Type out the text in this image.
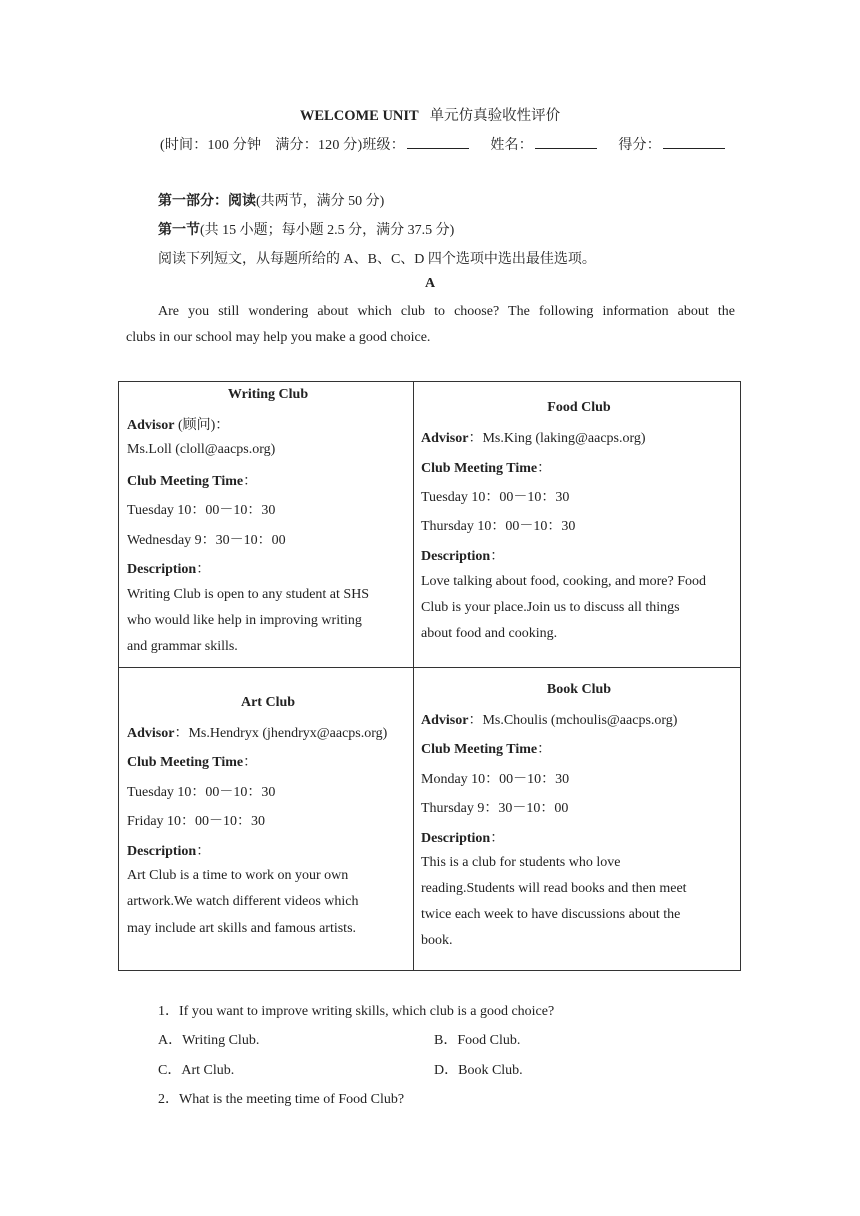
WELCOME UNIT 单元仿真验收性评价
(时间：100 分钟　满分：120 分)班级：	姓名：	得分：
第一部分：阅读(共两节，满分 50 分)
第一节(共 15 小题；每小题 2.5 分，满分 37.5 分)
阅读下列短文，从每题所给的 A、B、C、D 四个选项中选出最佳选项。
A
Are you still wondering about which club to choose? The following information about the
clubs in our school may help you make a good choice.
Writing Club
Advisor (顾问)：
Ms.Loll (cloll@aacps.org)
Club Meeting Time：
Tuesday 10：00－10：30
Wednesday 9：30－10：00
Description：
Writing Club is open to any student at SHS
who would like help in improving writing
and grammar skills.
Food Club
Advisor：Ms.King (laking@aacps.org)
Club Meeting Time：
Tuesday 10：00－10：30
Thursday 10：00－10：30
Description：
Love talking about food, cooking, and more? Food
Club is your place.Join us to discuss all things
about food and cooking.
Art Club
Advisor：Ms.Hendryx (jhendryx@aacps.org)
Club Meeting Time：
Tuesday 10：00－10：30
Friday 10：00－10：30
Description：
Art Club is a time to work on your own
artwork.We watch different videos which
may include art skills and famous artists.
Book Club
Advisor：Ms.Choulis (mchoulis@aacps.org)
Club Meeting Time：
Monday 10：00－10：30
Thursday 9：30－10：00
Description：
This is a club for students who love
reading.Students will read books and then meet
twice each week to have discussions about the
book.
1．If you want to improve writing skills, which club is a good choice?
A．Writing Club.	B．Food Club.
C．Art Club.	D．Book Club.
2．What is the meeting time of Food Club?
